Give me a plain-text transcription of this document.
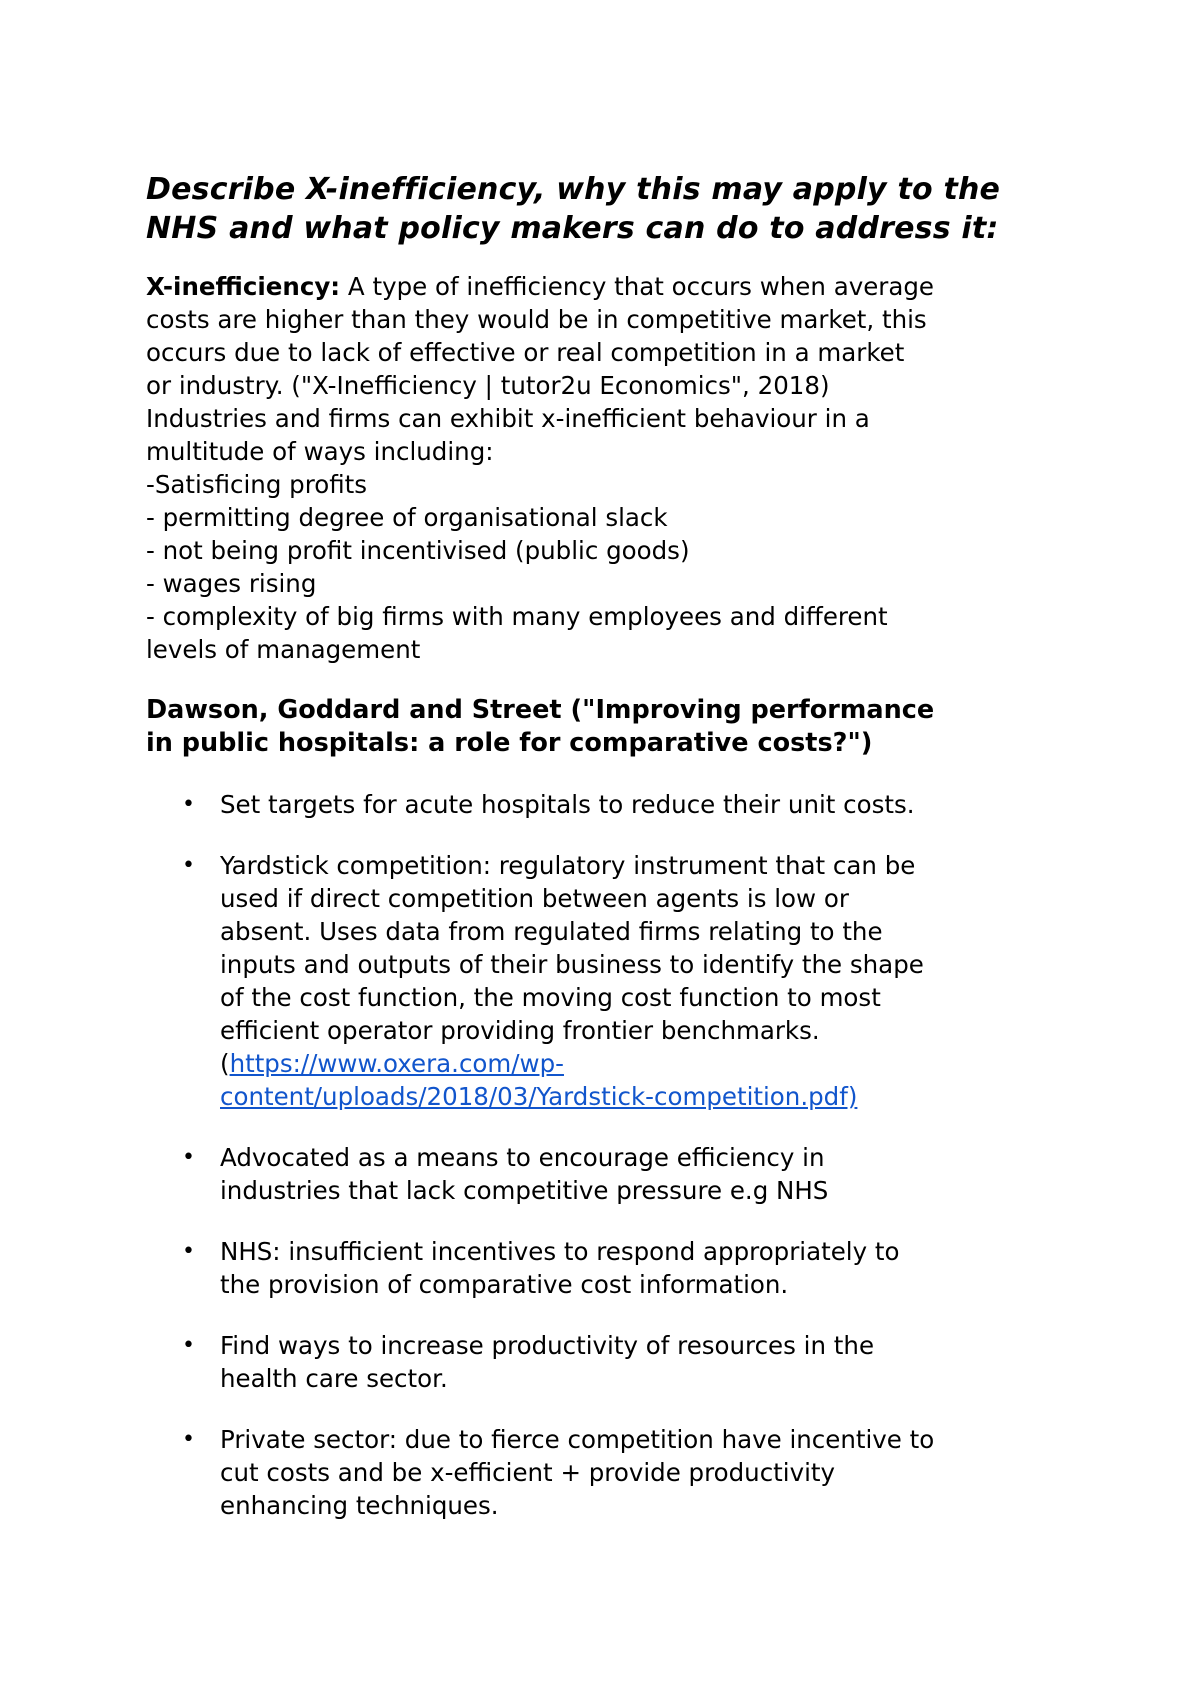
Describe X-inefficiency, why this may apply to the
NHS and what policy makers can do to address it:

X-inefficiency: A type of inefficiency that occurs when average
costs are higher than they would be in competitive market, this
occurs due to lack of effective or real competition in a market
or industry. ("X-Inefficiency | tutor2u Economics", 2018)
Industries and firms can exhibit x-inefficient behaviour in a
multitude of ways including:
-Satisficing profits
- permitting degree of organisational slack
- not being profit incentivised (public goods)
- wages rising
- complexity of big firms with many employees and different
levels of management

Dawson, Goddard and Street ("Improving performance
in public hospitals: a role for comparative costs?")
• Set targets for acute hospitals to reduce their unit costs.
• Yardstick competition: regulatory instrument that can be
used if direct competition between agents is low or
absent. Uses data from regulated firms relating to the
inputs and outputs of their business to identify the shape
of the cost function, the moving cost function to most
efficient operator providing frontier benchmarks.
(https://www.oxera.com/wp-
content/uploads/2018/03/Yardstick-competition.pdf)
• Advocated as a means to encourage efficiency in
industries that lack competitive pressure e.g NHS
• NHS: insufficient incentives to respond appropriately to
the provision of comparative cost information.
• Find ways to increase productivity of resources in the
health care sector.
• Private sector: due to fierce competition have incentive to
cut costs and be x-efficient + provide productivity
enhancing techniques.
